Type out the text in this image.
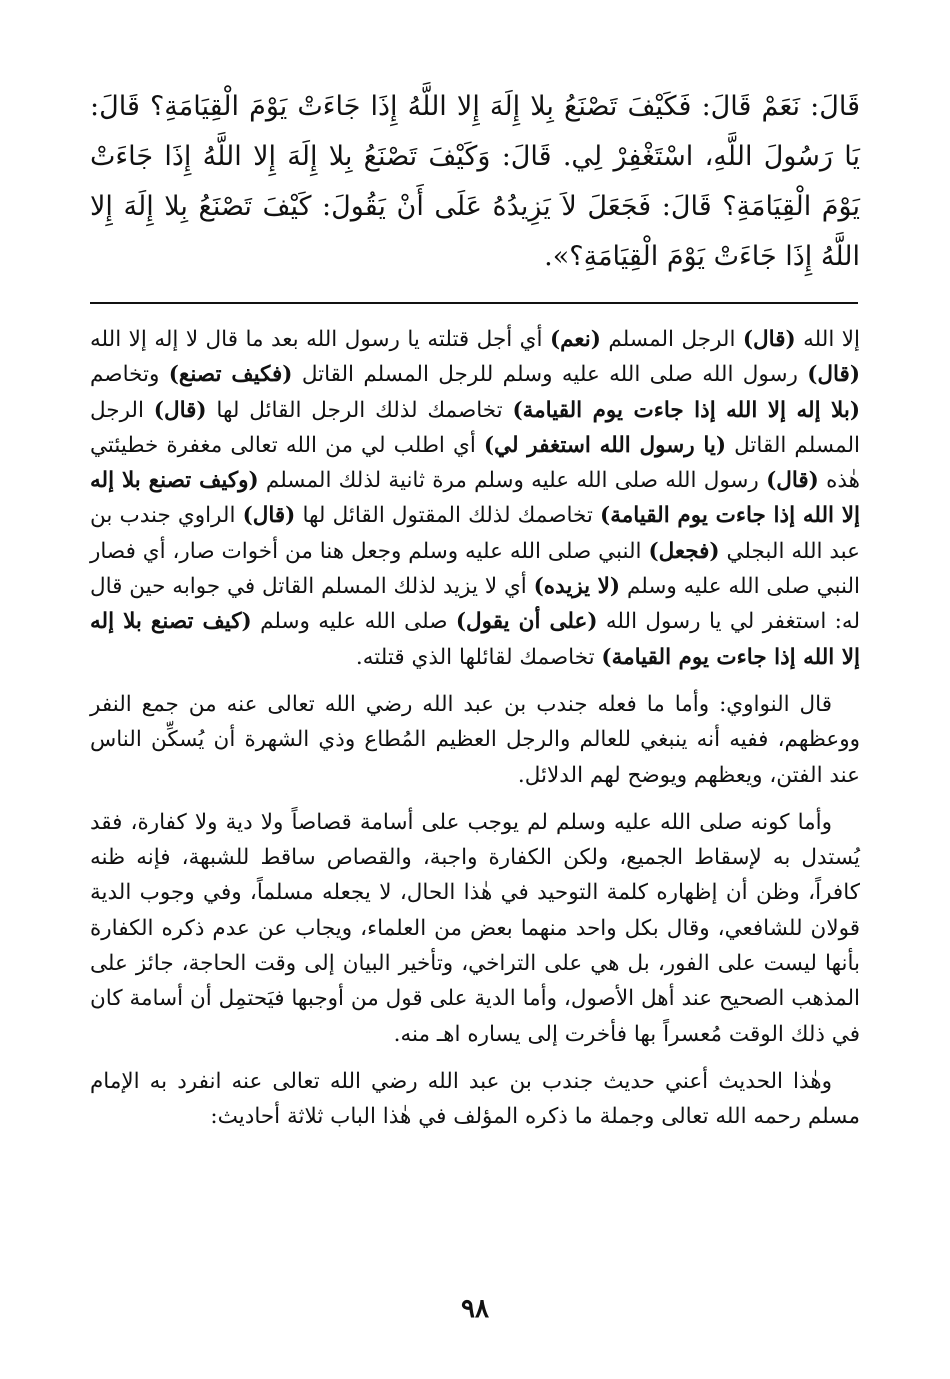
قَالَ: نَعَمْ قَالَ: فَكَيْفَ تَصْنَعُ بِلا إِلَهَ إِلا اللَّهُ إِذَا جَاءَتْ يَوْمَ الْقِيَامَةِ؟ قَالَ: يَا رَسُولَ اللَّهِ، اسْتَغْفِرْ لِي. قَالَ: وَكَيْفَ تَصْنَعُ بِلا إِلَهَ إِلا اللَّهُ إِذَا جَاءَتْ يَوْمَ الْقِيَامَةِ؟ قَالَ: فَجَعَلَ لاَ يَزِيدُهُ عَلَى أَنْ يَقُولَ: كَيْفَ تَصْنَعُ بِلا إِلَهَ إِلا اللَّهُ إِذَا جَاءَتْ يَوْمَ الْقِيَامَةِ؟».

إلا الله (قال) الرجل المسلم (نعم) أي أجل قتلته يا رسول الله بعد ما قال لا إله إلا الله (قال) رسول الله صلى الله عليه وسلم للرجل المسلم القاتل (فكيف تصنع) وتخاصم (بلا إله إلا الله إذا جاءت يوم القيامة) تخاصمك لذلك الرجل القائل لها (قال) الرجل المسلم القاتل (يا رسول الله استغفر لي) أي اطلب لي من الله تعالى مغفرة خطيئتي هٰذه (قال) رسول الله صلى الله عليه وسلم مرة ثانية لذلك المسلم (وكيف تصنع بلا إله إلا الله إذا جاءت يوم القيامة) تخاصمك لذلك المقتول القائل لها (قال) الراوي جندب بن عبد الله البجلي (فجعل) النبي صلى الله عليه وسلم وجعل هنا من أخوات صار، أي فصار النبي صلى الله عليه وسلم (لا يزيده) أي لا يزيد لذلك المسلم القاتل في جوابه حين قال له: استغفر لي يا رسول الله (على أن يقول) صلى الله عليه وسلم (كيف تصنع بلا إله إلا الله إذا جاءت يوم القيامة) تخاصمك لقائلها الذي قتلته.

قال النواوي: وأما ما فعله جندب بن عبد الله رضي الله تعالى عنه من جمع النفر ووعظهم، ففيه أنه ينبغي للعالم والرجل العظيم المُطاع وذي الشهرة أن يُسكِّن الناس عند الفتن، ويعظهم ويوضح لهم الدلائل.

وأما كونه صلى الله عليه وسلم لم يوجب على أسامة قصاصاً ولا دية ولا كفارة، فقد يُستدل به لإسقاط الجميع، ولكن الكفارة واجبة، والقصاص ساقط للشبهة، فإنه ظنه كافراً، وظن أن إظهاره كلمة التوحيد في هٰذا الحال، لا يجعله مسلماً، وفي وجوب الدية قولان للشافعي، وقال بكل واحد منهما بعض من العلماء، ويجاب عن عدم ذكره الكفارة بأنها ليست على الفور، بل هي على التراخي، وتأخير البيان إلى وقت الحاجة، جائز على المذهب الصحيح عند أهل الأصول، وأما الدية على قول من أوجبها فيَحتمِل أن أسامة كان في ذلك الوقت مُعسراً بها فأخرت إلى يساره اهـ منه.

وهٰذا الحديث أعني حديث جندب بن عبد الله رضي الله تعالى عنه انفرد به الإمام مسلم رحمه الله تعالى وجملة ما ذكره المؤلف في هٰذا الباب ثلاثة أحاديث:

٩٨
